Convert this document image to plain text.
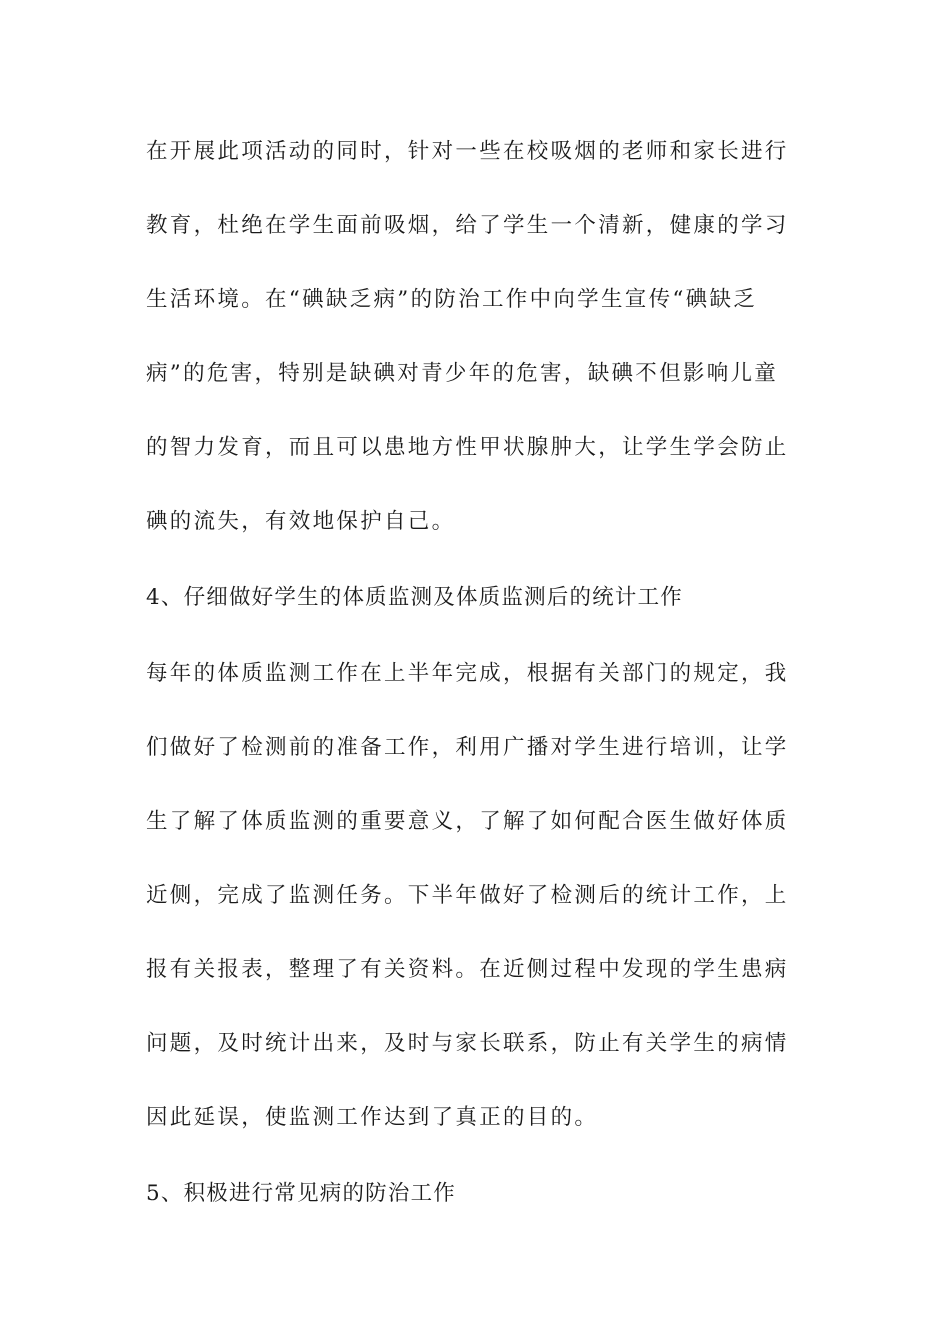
在开展此项活动的同时，针对一些在校吸烟的老师和家长进行
教育，杜绝在学生面前吸烟，给了学生一个清新，健康的学习
生活环境。在“碘缺乏病”的防治工作中向学生宣传“碘缺乏
病”的危害，特别是缺碘对青少年的危害，缺碘不但影响儿童
的智力发育，而且可以患地方性甲状腺肿大，让学生学会防止
碘的流失，有效地保护自己。
4、仔细做好学生的体质监测及体质监测后的统计工作
每年的体质监测工作在上半年完成，根据有关部门的规定，我
们做好了检测前的准备工作，利用广播对学生进行培训，让学
生了解了体质监测的重要意义，了解了如何配合医生做好体质
近侧，完成了监测任务。下半年做好了检测后的统计工作，上
报有关报表，整理了有关资料。在近侧过程中发现的学生患病
问题，及时统计出来，及时与家长联系，防止有关学生的病情
因此延误，使监测工作达到了真正的目的。
5、积极进行常见病的防治工作
